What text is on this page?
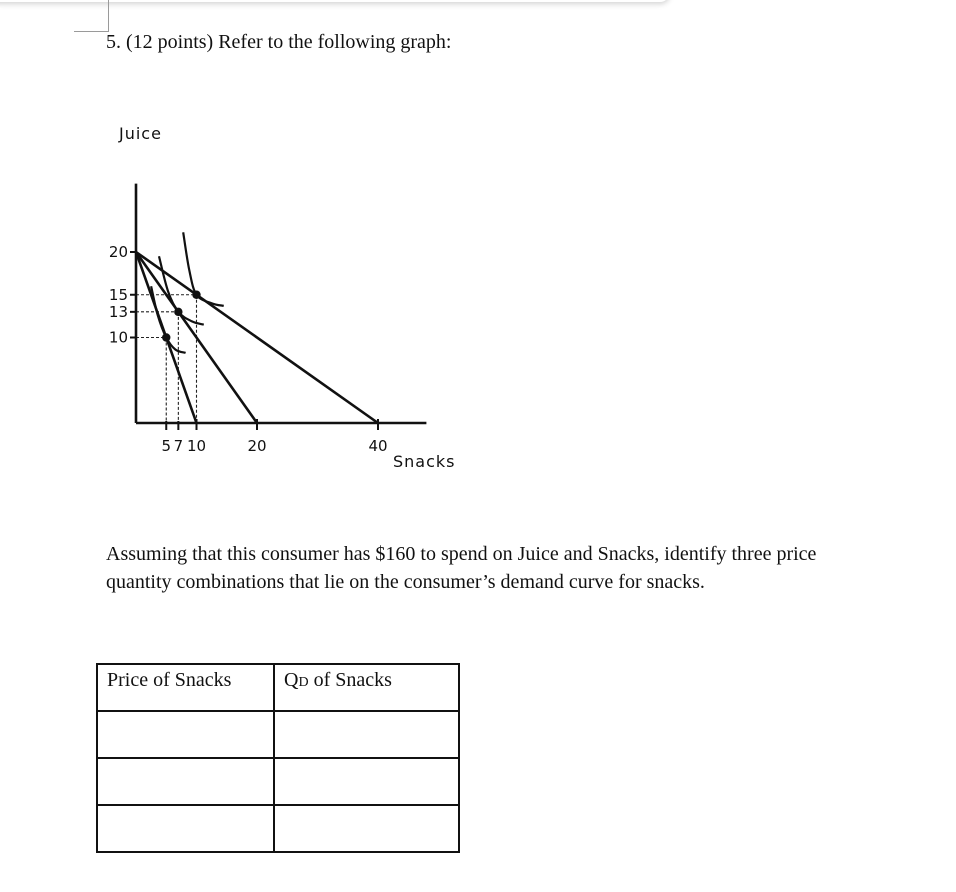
5. (12 points) Refer to the following graph:
5 7 10	20	40
20
15
13
10
Juice
Snacks
Assuming that this consumer has $160 to spend on Juice and Snacks, identify three price
quantity combinations that lie on the consumer’s demand curve for snacks.
Price of Snacks	QD of Snacks
